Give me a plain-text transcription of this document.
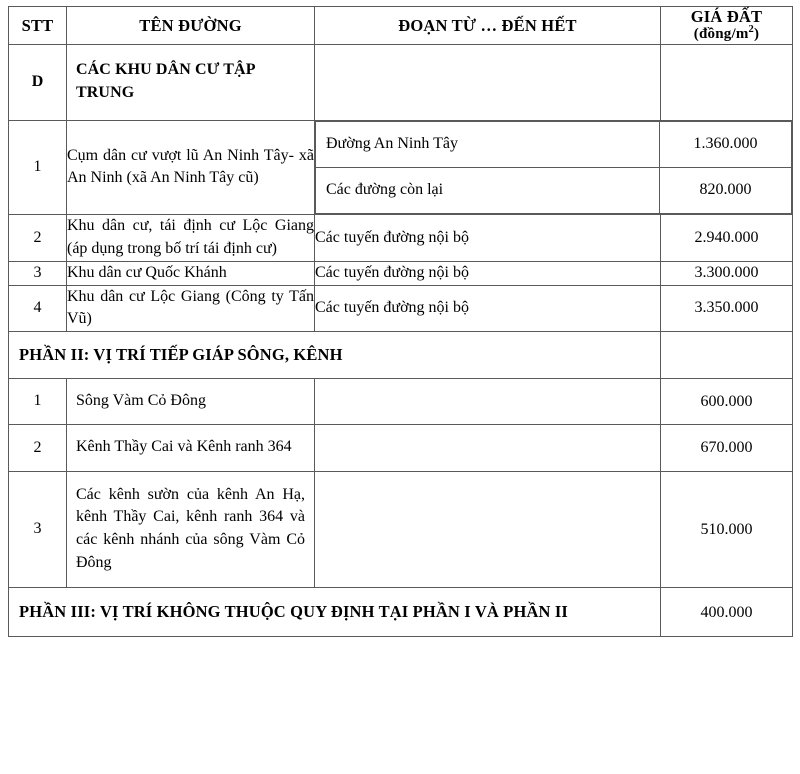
STT	TÊN ĐƯỜNG	ĐOẠN TỪ … ĐẾN HẾT	GIÁ ĐẤT
$(đồng/m^2)$

D	CÁC KHU DÂN CƯ TẬP TRUNG		
1	Cụm dân cư vượt lũ An Ninh Tây- xã An Ninh (xã An Ninh Tây cũ)	
Đường An Ninh Tây	1.360.000
Các đường còn lại	820.000

2	Khu dân cư, tái định cư Lộc Giang (áp dụng trong bố trí tái định cư)	Các tuyến đường nội bộ	2.940.000
3	Khu dân cư Quốc Khánh	Các tuyến đường nội bộ	3.300.000
4	Khu dân cư Lộc Giang (Công ty Tấn Vũ)	Các tuyến đường nội bộ	3.350.000
PHẦN II: VỊ TRÍ TIẾP GIÁP SÔNG, KÊNH	
1	Sông Vàm Cỏ Đông		600.000
2	Kênh Thầy Cai và Kênh ranh 364		670.000
3	Các kênh sườn của kênh An Hạ, kênh Thầy Cai, kênh ranh 364 và các kênh nhánh của sông Vàm Cỏ Đông		510.000
PHẦN III: VỊ TRÍ KHÔNG THUỘC QUY ĐỊNH TẠI PHẦN I VÀ PHẦN II	400.000
